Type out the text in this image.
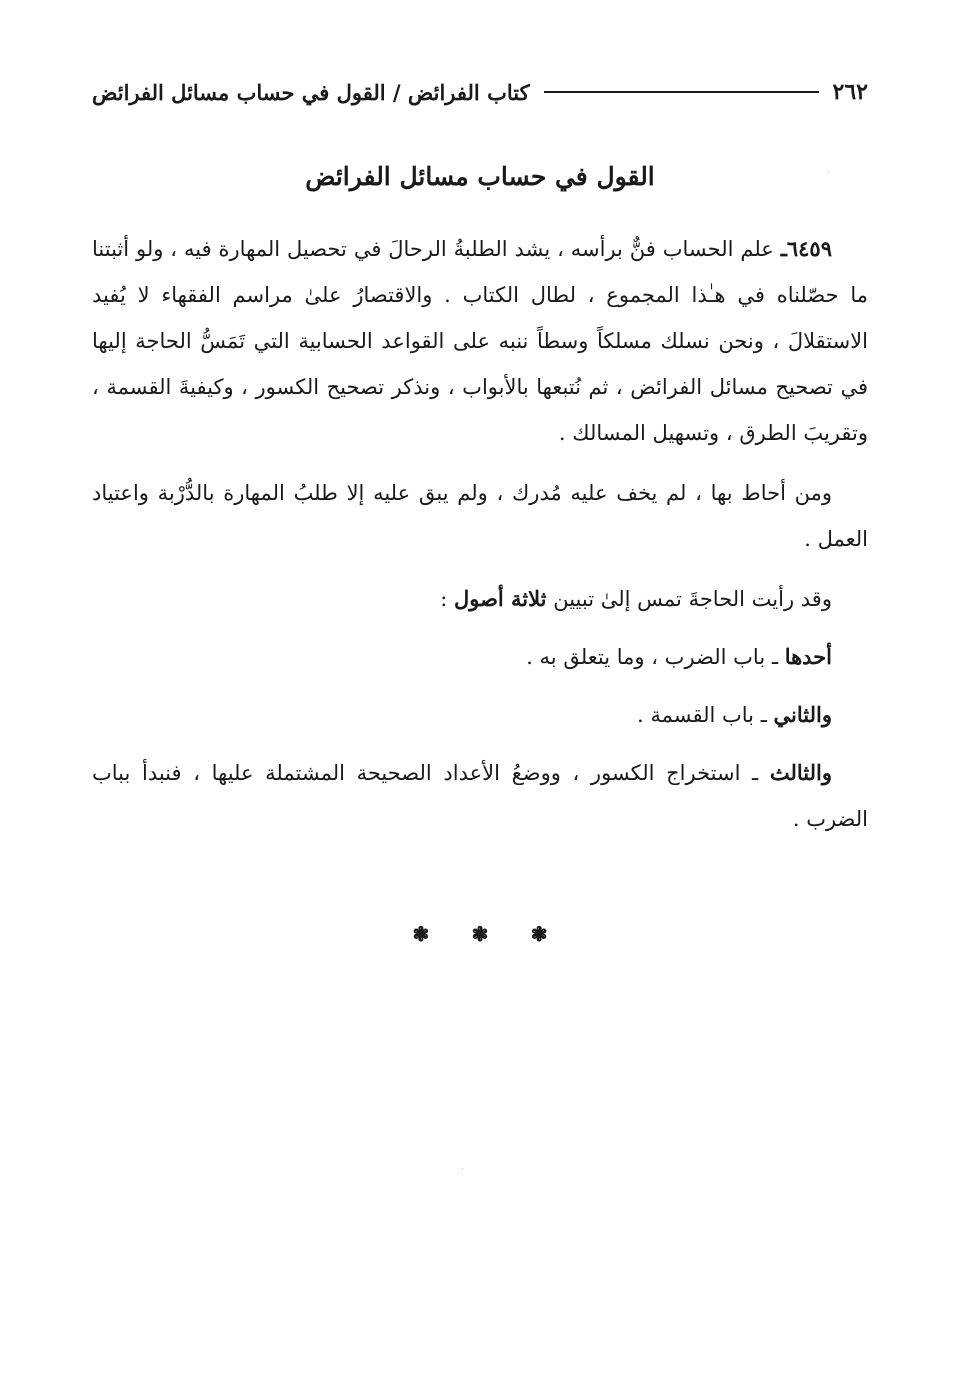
٢٦٢
كتاب الفرائض / القول في حساب مسائل الفرائض
القول في حساب مسائل الفرائض

٦٤٥٩ـ علم الحساب فنٌّ برأسه ، يشد الطلبةُ الرحالَ في تحصيل المهارة فيه ، ولو أثبتنا ما حصّلناه في هـٰذا المجموع ، لطال الكتاب . والاقتصارُ علىٰ مراسم الفقهاء لا يُفيد الاستقلالَ ، ونحن نسلك مسلكاً وسطاً ننبه على القواعد الحسابية التي تَمَسُّ الحاجة إليها في تصحيح مسائل الفرائض ، ثم نُتبعها بالأبواب ، ونذكر تصحيح الكسور ، وكيفيةَ القسمة ، وتقريبَ الطرق ، وتسهيل المسالك .

ومن أحاط بها ، لم يخف عليه مُدرك ، ولم يبق عليه إلا طلبُ المهارة بالدُّرْبة واعتياد العمل .

وقد رأيت الحاجةَ تمس إلىٰ تبيين ثلاثة أصول :

أحدها ـ باب الضرب ، وما يتعلق به .

والثاني ـ باب القسمة .

والثالث ـ استخراج الكسور ، ووضعُ الأعداد الصحيحة المشتملة عليها ، فنبدأ بباب الضرب .

❃ ❃ ❃
